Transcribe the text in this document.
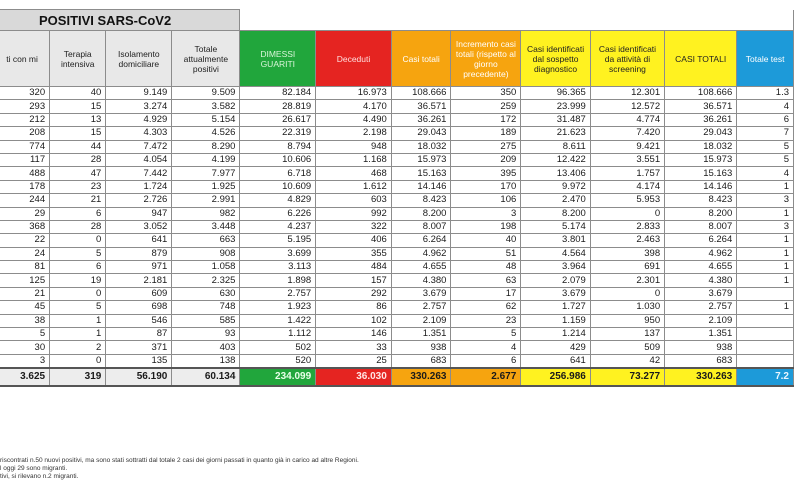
POSITIVI SARS-CoV2											
ti con mi	Terapia intensiva	Isolamento domiciliare	Totale attualmente positivi	DIMESSI GUARITI	Deceduti	Casi totali	Incremento casi totali (rispetto al giorno precedente)	Casi identificati dal sospetto diagnostico	Casi identificati da attività di screening	CASI TOTALI	Totale test
320	40	9.149	9.509	82.184	16.973	108.666	350	96.365	12.301	108.666	1.3
293	15	3.274	3.582	28.819	4.170	36.571	259	23.999	12.572	36.571	4
212	13	4.929	5.154	26.617	4.490	36.261	172	31.487	4.774	36.261	6
208	15	4.303	4.526	22.319	2.198	29.043	189	21.623	7.420	29.043	7
774	44	7.472	8.290	8.794	948	18.032	275	8.611	9.421	18.032	5
117	28	4.054	4.199	10.606	1.168	15.973	209	12.422	3.551	15.973	5
488	47	7.442	7.977	6.718	468	15.163	395	13.406	1.757	15.163	4
178	23	1.724	1.925	10.609	1.612	14.146	170	9.972	4.174	14.146	1
244	21	2.726	2.991	4.829	603	8.423	106	2.470	5.953	8.423	3
29	6	947	982	6.226	992	8.200	3	8.200	0	8.200	1
368	28	3.052	3.448	4.237	322	8.007	198	5.174	2.833	8.007	3
22	0	641	663	5.195	406	6.264	40	3.801	2.463	6.264	1
24	5	879	908	3.699	355	4.962	51	4.564	398	4.962	1
81	6	971	1.058	3.113	484	4.655	48	3.964	691	4.655	1
125	19	2.181	2.325	1.898	157	4.380	63	2.079	2.301	4.380	1
21	0	609	630	2.757	292	3.679	17	3.679	0	3.679	
45	5	698	748	1.923	86	2.757	62	1.727	1.030	2.757	1
38	1	546	585	1.422	102	2.109	23	1.159	950	2.109	
5	1	87	93	1.112	146	1.351	5	1.214	137	1.351	
30	2	371	403	502	33	938	4	429	509	938	
3	0	135	138	520	25	683	6	641	42	683	
3.625	319	56.190	60.134	234.099	36.030	330.263	2.677	256.986	73.277	330.263	7.2
riscontrati n.50 nuovi positivi, ma sono stati sottratti dal totale 2 casi dei giorni passati in quanto già in carico ad altre Regioni.
l oggi 29 sono migranti.
tivi, si rilevano n.2 migranti.
